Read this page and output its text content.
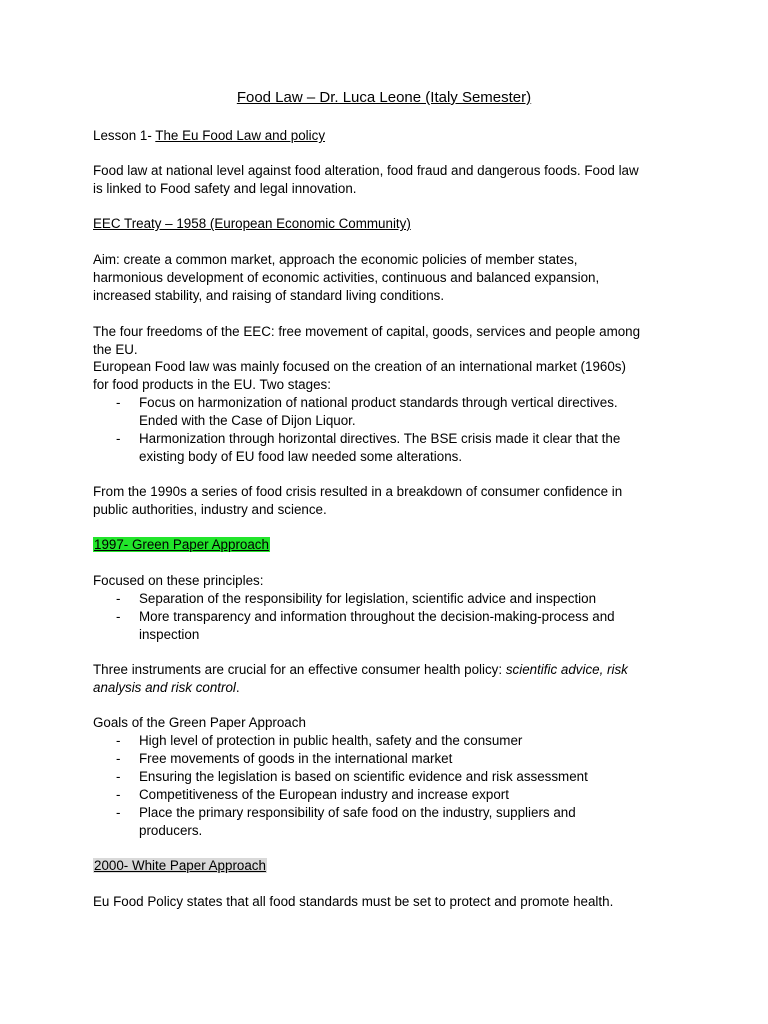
Food Law – Dr. Luca Leone (Italy Semester)
Lesson 1- The Eu Food Law and policy
Food law at national level against food alteration, food fraud and dangerous foods. Food law
is linked to Food safety and legal innovation.
EEC Treaty – 1958 (European Economic Community)
Aim: create a common market, approach the economic policies of member states,
harmonious development of economic activities, continuous and balanced expansion,
increased stability, and raising of standard living conditions.
The four freedoms of the EEC: free movement of capital, goods, services and people among
the EU.
European Food law was mainly focused on the creation of an international market (1960s)
for food products in the EU. Two stages:
- Focus on harmonization of national product standards through vertical directives.
Ended with the Case of Dijon Liquor.
- Harmonization through horizontal directives. The BSE crisis made it clear that the
existing body of EU food law needed some alterations.
From the 1990s a series of food crisis resulted in a breakdown of consumer confidence in
public authorities, industry and science.
1997- Green Paper Approach
Focused on these principles:
- Separation of the responsibility for legislation, scientific advice and inspection
- More transparency and information throughout the decision-making-process and
inspection
Three instruments are crucial for an effective consumer health policy: scientific advice, risk
analysis and risk control.
Goals of the Green Paper Approach
- High level of protection in public health, safety and the consumer
- Free movements of goods in the international market
- Ensuring the legislation is based on scientific evidence and risk assessment
- Competitiveness of the European industry and increase export
- Place the primary responsibility of safe food on the industry, suppliers and
producers.
2000- White Paper Approach
Eu Food Policy states that all food standards must be set to protect and promote health.
